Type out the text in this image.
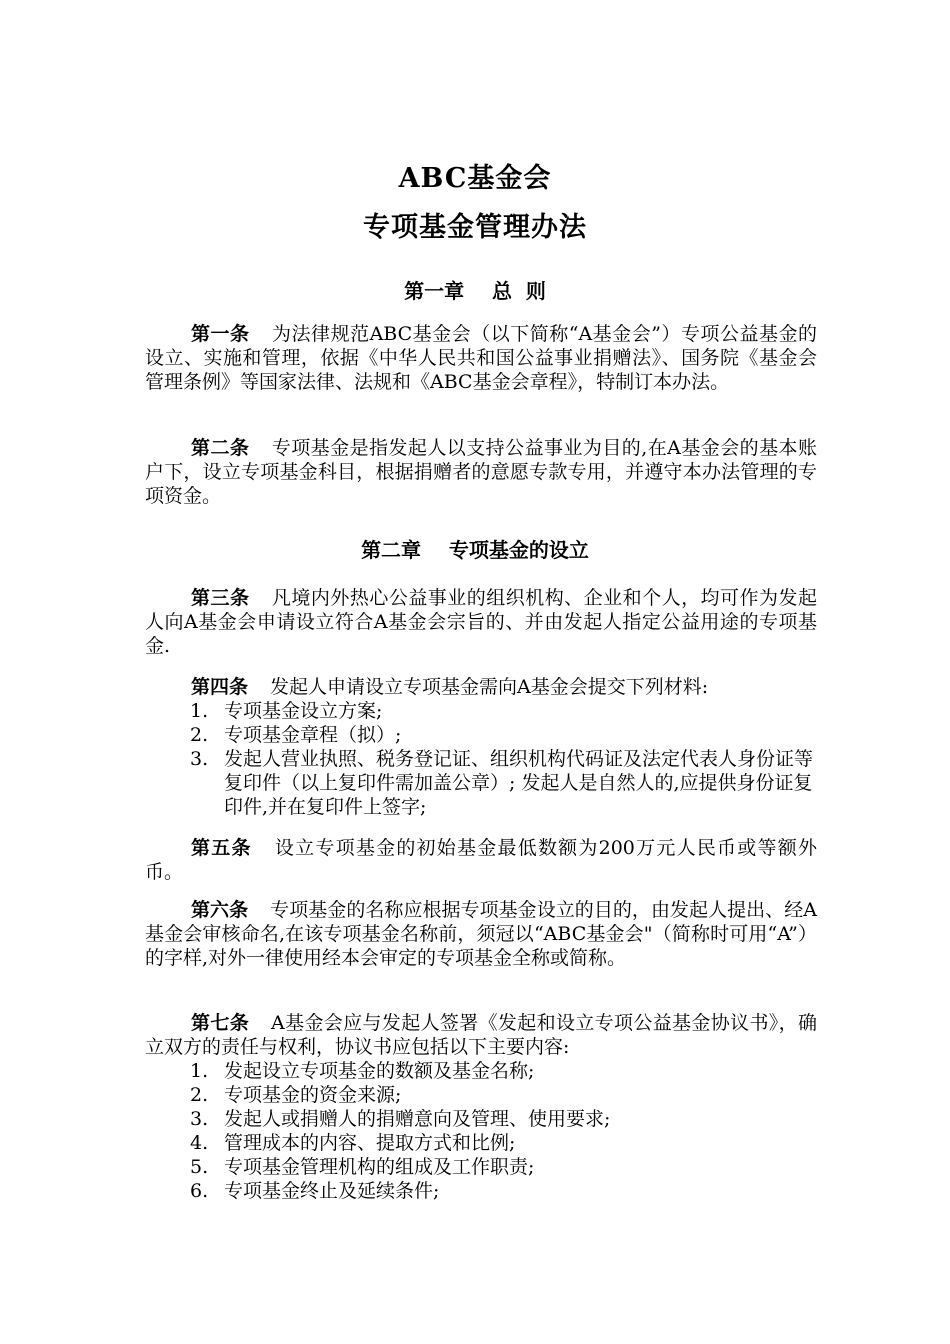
ABC基金会
专项基金管理办法
第一章    总  则

第一条 为法律规范ABC基金会（以下简称“A基金会”）专项公益基金的设立、实施和管理，依据《中华人民共和国公益事业捐赠法》、国务院《基金会管理条例》等国家法律、法规和《ABC基金会章程》，特制订本办法。

第二条 专项基金是指发起人以支持公益事业为目的,在A基金会的基本账户下，设立专项基金科目，根据捐赠者的意愿专款专用，并遵守本办法管理的专项资金。

第二章    专项基金的设立

第三条 凡境内外热心公益事业的组织机构、企业和个人，均可作为发起人向A基金会申请设立符合A基金会宗旨的、并由发起人指定公益用途的专项基金.

第四条 发起人申请设立专项基金需向A基金会提交下列材料:

1. 专项基金设立方案;
2. 专项基金章程（拟）;
3. 发起人营业执照、税务登记证、组织机构代码证及法定代表人身份证等复印件（以上复印件需加盖公章）; 发起人是自然人的,应提供身份证复印件,并在复印件上签字;

第五条 设立专项基金的初始基金最低数额为200万元人民币或等额外币。

第六条 专项基金的名称应根据专项基金设立的目的，由发起人提出、经A基金会审核命名,在该专项基金名称前，须冠以“ABC基金会"（简称时可用“A”）的字样,对外一律使用经本会审定的专项基金全称或简称。

第七条 A基金会应与发起人签署《发起和设立专项公益基金协议书》，确立双方的责任与权利，协议书应包括以下主要内容:

1. 发起设立专项基金的数额及基金名称;
2. 专项基金的资金来源;
3. 发起人或捐赠人的捐赠意向及管理、使用要求;
4. 管理成本的内容、提取方式和比例;
5. 专项基金管理机构的组成及工作职责;
6. 专项基金终止及延续条件;
